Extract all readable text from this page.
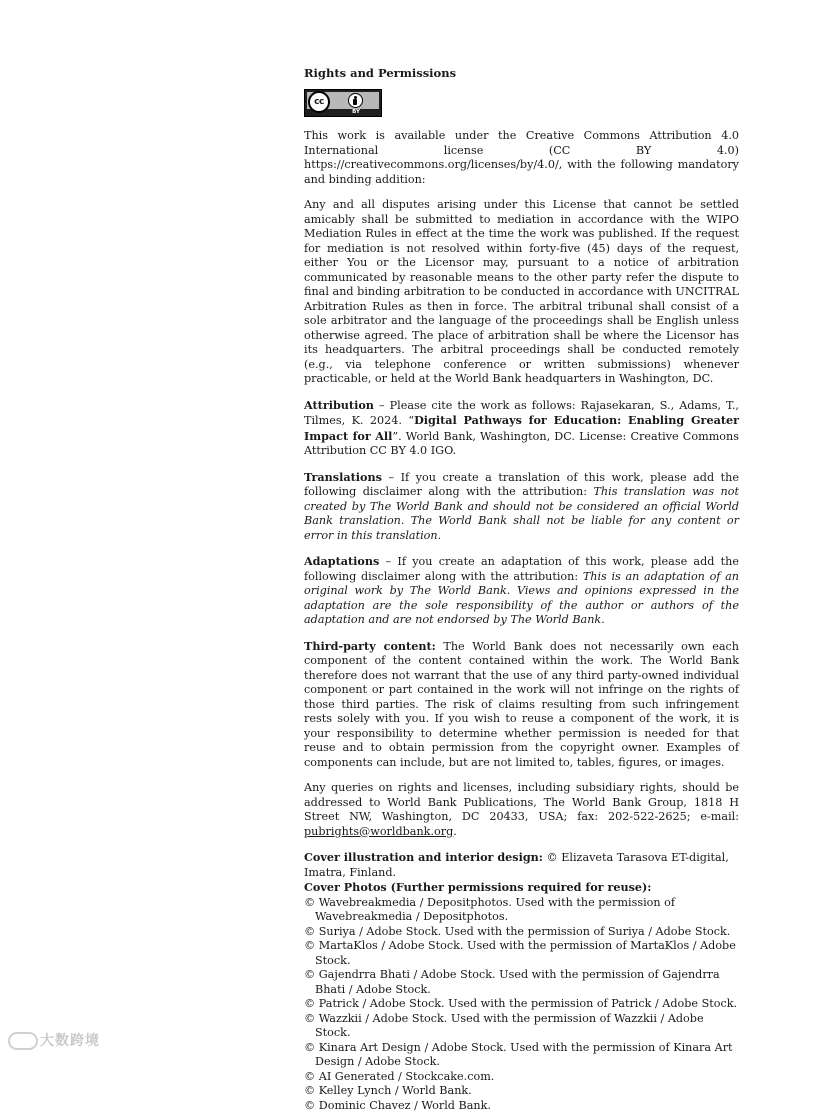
Rights and Permissions
cc
BY

This work is available under the Creative Commons Attribution 4.0 International license (CC BY 4.0) https://creativecommons.org/licenses/by/4.0/, with the following mandatory and binding addition:

Any and all disputes arising under this License that cannot be settled amicably shall be submitted to mediation in accordance with the WIPO Mediation Rules in effect at the time the work was published. If the request for mediation is not resolved within forty-five (45) days of the request, either You or the Licensor may, pursuant to a notice of arbitration communicated by reasonable means to the other party refer the dispute to final and binding arbitration to be conducted in accordance with UNCITRAL Arbitration Rules as then in force. The arbitral tribunal shall consist of a sole arbitrator and the language of the proceedings shall be English unless otherwise agreed. The place of arbitration shall be where the Licensor has its headquarters. The arbitral proceedings shall be conducted remotely (e.g., via telephone conference or written submissions) whenever practicable, or held at the World Bank headquarters in Washington, DC.

Attribution – Please cite the work as follows: Rajasekaran, S., Adams, T., Tilmes, K. 2024. “Digital Pathways for Education: Enabling Greater Impact for All”. World Bank, Washington, DC. License: Creative Commons Attribution CC BY 4.0 IGO.

Translations – If you create a translation of this work, please add the following disclaimer along with the attribution: This translation was not created by The World Bank and should not be considered an official World Bank translation. The World Bank shall not be liable for any content or error in this translation.

Adaptations – If you create an adaptation of this work, please add the following disclaimer along with the attribution: This is an adaptation of an original work by The World Bank. Views and opinions expressed in the adaptation are the sole responsibility of the author or authors of the adaptation and are not endorsed by The World Bank.

Third-party content: The World Bank does not necessarily own each component of the content contained within the work. The World Bank therefore does not warrant that the use of any third party-owned individual component or part contained in the work will not infringe on the rights of those third parties. The risk of claims resulting from such infringement rests solely with you. If you wish to reuse a component of the work, it is your responsibility to determine whether permission is needed for that reuse and to obtain permission from the copyright owner. Examples of components can include, but are not limited to, tables, figures, or images.

Any queries on rights and licenses, including subsidiary rights, should be addressed to World Bank Publications, The World Bank Group, 1818 H Street NW, Washington, DC 20433, USA; fax: 202-522-2625; e-mail: pubrights@worldbank.org.

Cover illustration and interior design: © Elizaveta Tarasova ET-digital, Imatra, Finland.
Cover Photos (Further permissions required for reuse):
© Wavebreakmedia / Depositphotos. Used with the permission of Wavebreakmedia / Depositphotos.
© Suriya / Adobe Stock. Used with the permission of Suriya / Adobe Stock.
© MartaKlos / Adobe Stock. Used with the permission of MartaKlos / Adobe Stock.
© Gajendrra Bhati / Adobe Stock. Used with the permission of Gajendrra Bhati / Adobe Stock.
© Patrick / Adobe Stock. Used with the permission of Patrick / Adobe Stock.
© Wazzkii / Adobe Stock. Used with the permission of Wazzkii / Adobe Stock.
© Kinara Art Design / Adobe Stock. Used with the permission of Kinara Art Design / Adobe Stock.
© AI Generated / Stockcake.com.
© Kelley Lynch / World Bank.
© Dominic Chavez / World Bank.
大数跨境
